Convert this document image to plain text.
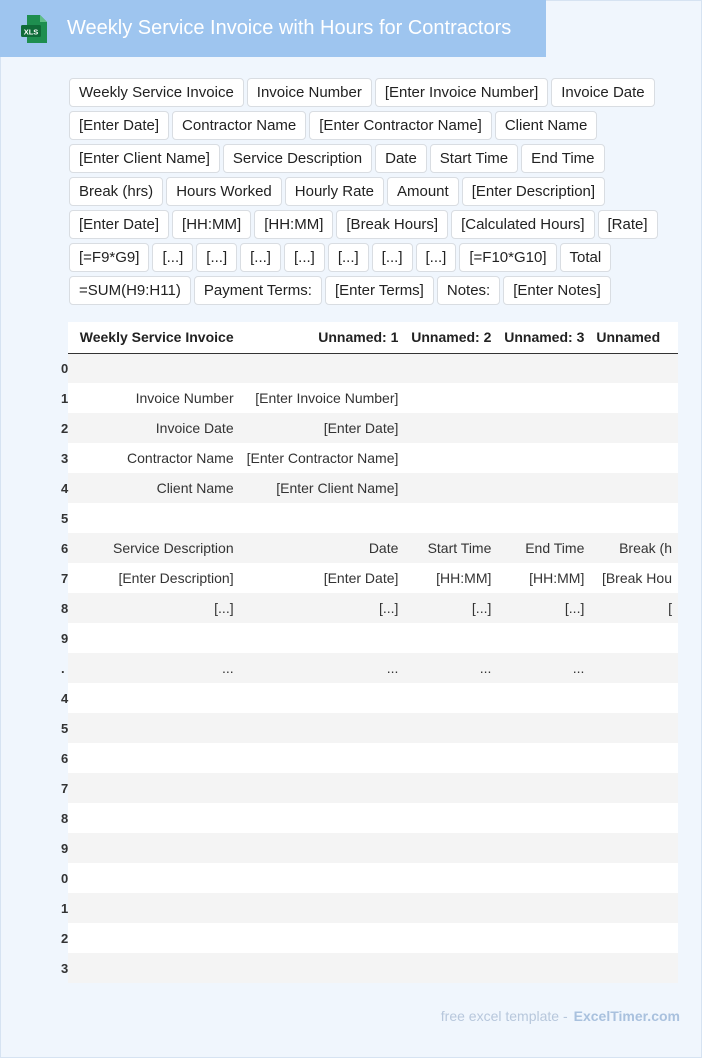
XLS Weekly Service Invoice with Hours for Contractors
Weekly Service Invoice	Invoice Number	[Enter Invoice Number]	Invoice Date
[Enter Date]	Contractor Name	[Enter Contractor Name]	Client Name
[Enter Client Name]	Service Description	Date	Start Time	End Time
Break (hrs)	Hours Worked	Hourly Rate	Amount	[Enter Description]
[Enter Date]	[HH:MM]	[HH:MM]	[Break Hours]	[Calculated Hours]	[Rate]
[=F9*G9]	[...]	[...]	[...]	[...]	[...]	[...]	[...]	[=F10*G10]	Total
=SUM(H9:H11)	Payment Terms:	[Enter Terms]	Notes:	[Enter Notes]
	Weekly Service Invoice	Unnamed: 1	Unnamed: 2	Unnamed: 3	Unnamed
0					
1	Invoice Number	[Enter Invoice Number]			
2	Invoice Date	[Enter Date]			
3	Contractor Name	[Enter Contractor Name]			
4	Client Name	[Enter Client Name]			
5					
6	Service Description	Date	Start Time	End Time	Break (h
7	[Enter Description]	[Enter Date]	[HH:MM]	[HH:MM]	[Break Hou
8	[...]	[...]	[...]	[...]	[
9					
.	...	...	...	...	
4					
5					
6					
7					
8					
9					
0					
1					
2					
3					
free excel template - ExcelTimer.com
